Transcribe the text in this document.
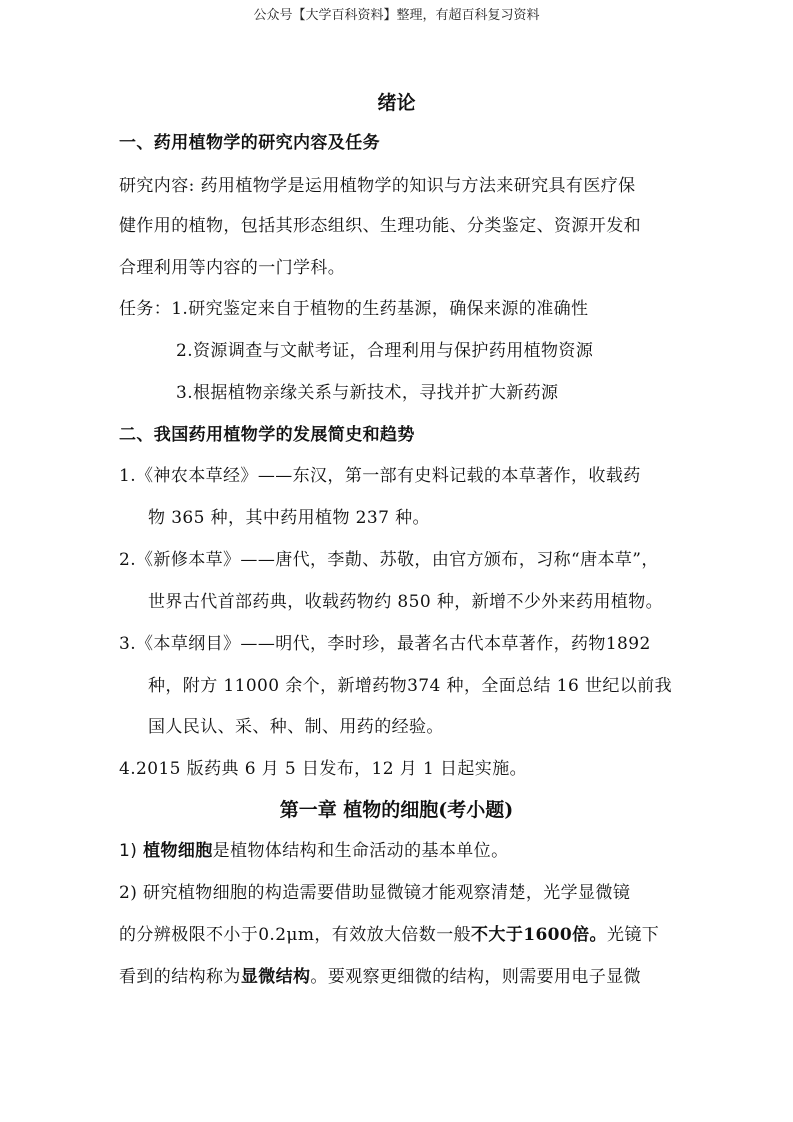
公众号【大学百科资料】整理，有超百科复习资料
绪论
一、药用植物学的研究内容及任务
研究内容: 药用植物学是运用植物学的知识与方法来研究具有医疗保
健作用的植物，包括其形态组织、生理功能、分类鉴定、资源开发和
合理利用等内容的一门学科。
任务：1.研究鉴定来自于植物的生药基源，确保来源的准确性
2.资源调查与文献考证，合理利用与保护药用植物资源
3.根据植物亲缘关系与新技术，寻找并扩大新药源
二、我国药用植物学的发展简史和趋势
1.《神农本草经》——东汉，第一部有史料记载的本草著作，收载药
物 365 种，其中药用植物 237 种。
2.《新修本草》——唐代，李勣、苏敬，由官方颁布，习称“唐本草”，
世界古代首部药典，收载药物约 850 种，新增不少外来药用植物。
3.《本草纲目》——明代，李时珍，最著名古代本草著作，药物1892
种，附方 11000 余个，新增药物374 种，全面总结 16 世纪以前我
国人民认、采、种、制、用药的经验。
4.2015 版药典 6 月 5 日发布，12 月 1 日起实施。
第一章 植物的细胞(考小题)
1) 植物细胞是植物体结构和生命活动的基本单位。
2) 研究植物细胞的构造需要借助显微镜才能观察清楚，光学显微镜
的分辨极限不小于0.2μm，有效放大倍数一般不大于1600倍。光镜下
看到的结构称为显微结构。要观察更细微的结构，则需要用电子显微
